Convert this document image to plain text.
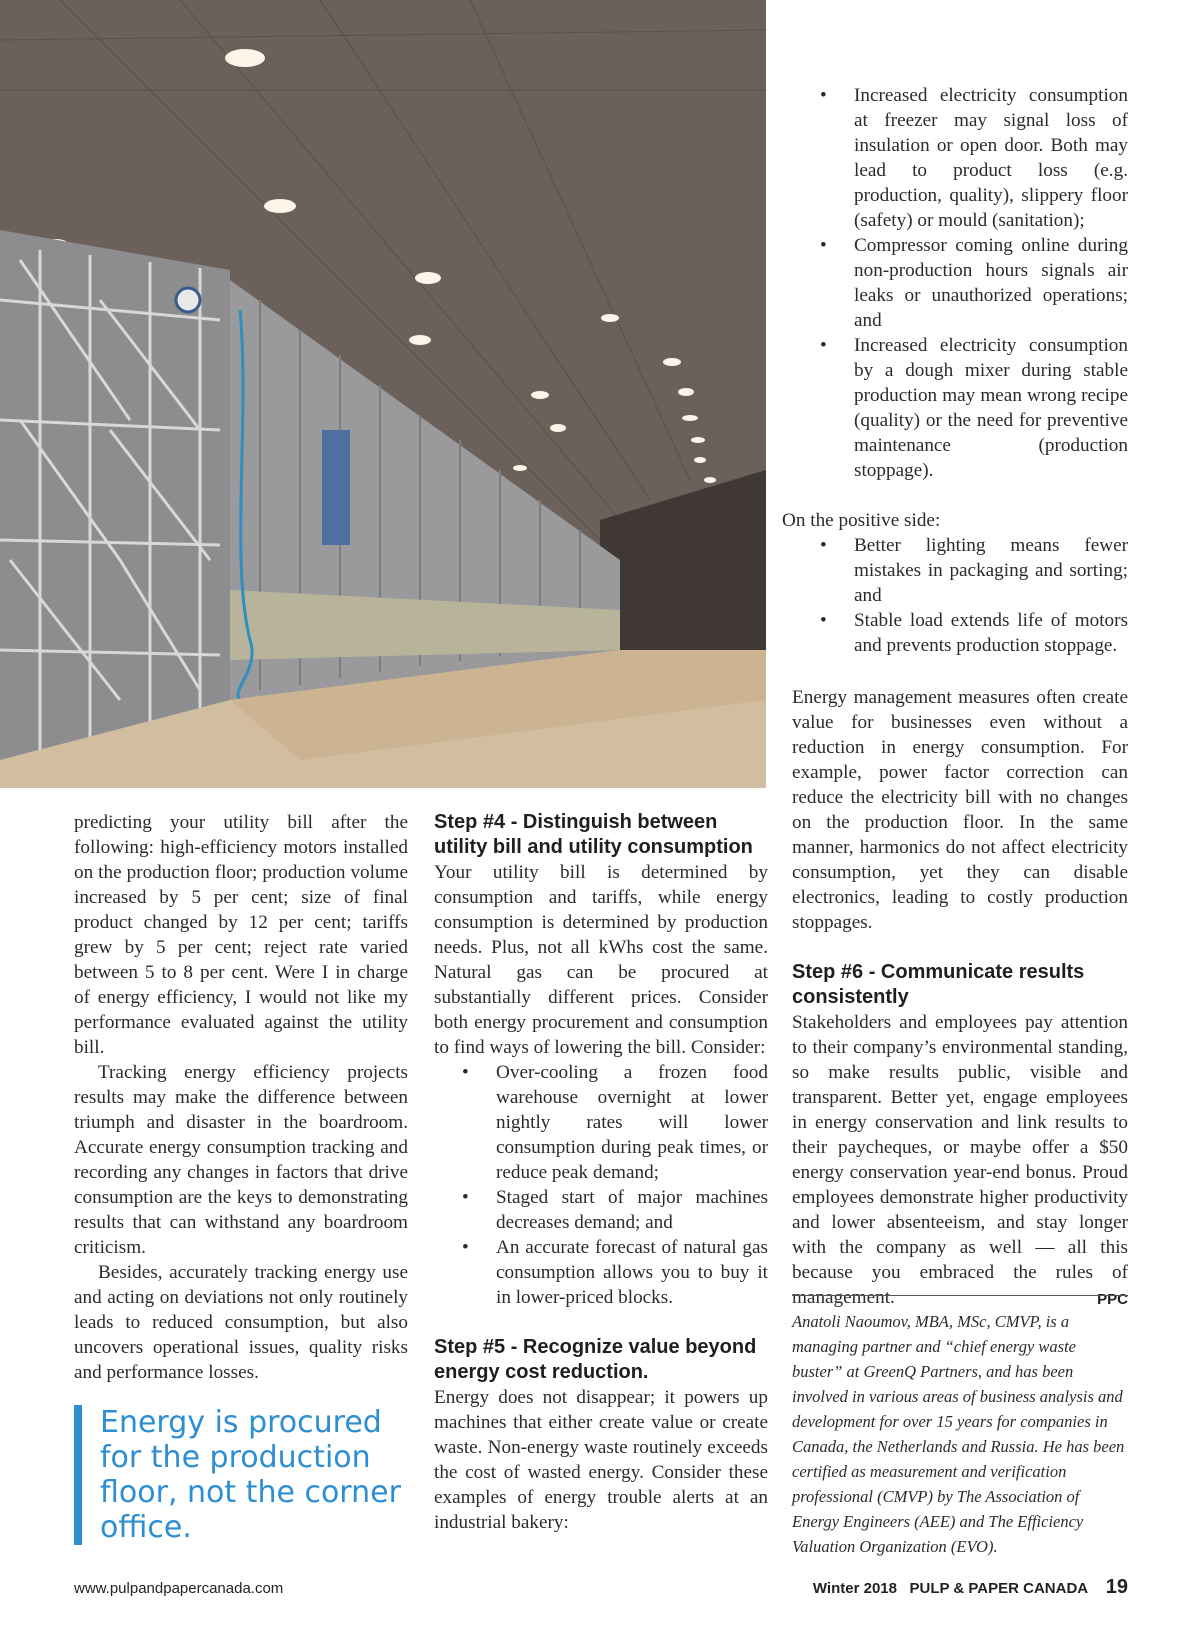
• Increased electricity consumption at freezer may signal loss of insulation or open door. Both may lead to product loss (e.g. production, quality), slippery floor (safety) or mould (sanitation);
• Compressor coming online during non-production hours signals air leaks or unauthorized operations; and
• Increased electricity consumption by a dough mixer during stable production may mean wrong recipe (quality) or the need for preventive maintenance (production stoppage).

On the positive side:

• Better lighting means fewer mistakes in packaging and sorting; and
• Stable load extends life of motors and prevents production stoppage.

predicting your utility bill after the following: high-efficiency motors installed on the production floor; production volume increased by 5 per cent; size of final product changed by 12 per cent; tariffs grew by 5 per cent; reject rate varied between 5 to 8 per cent. Were I in charge of energy efficiency, I would not like my performance evaluated against the utility bill.

Tracking energy efficiency projects results may make the difference between triumph and disaster in the boardroom. Accurate energy consumption tracking and recording any changes in factors that drive consumption are the keys to demonstrating results that can withstand any boardroom criticism.

Besides, accurately tracking energy use and acting on deviations not only routinely leads to reduced consumption, but also uncovers operational issues, quality risks and performance losses.

Energy is procured for the production floor, not the corner office.
Step #4 - Distinguish between utility bill and utility consumption

Your utility bill is determined by consumption and tariffs, while energy consumption is determined by production needs. Plus, not all kWhs cost the same. Natural gas can be procured at substantially different prices. Consider both energy procurement and consumption to find ways of lowering the bill. Consider:

• Over-cooling a frozen food warehouse overnight at lower nightly rates will lower consumption during peak times, or reduce peak demand;
• Staged start of major machines decreases demand; and
• An accurate forecast of natural gas consumption allows you to buy it in lower-priced blocks.
Step #5 - Recognize value beyond energy cost reduction.

Energy does not disappear; it powers up machines that either create value or create waste. Non-energy waste routinely exceeds the cost of wasted energy. Consider these examples of energy trouble alerts at an industrial bakery:

Energy management measures often create value for businesses even without a reduction in energy consumption. For example, power factor correction can reduce the electricity bill with no changes on the production floor. In the same manner, harmonics do not affect electricity consumption, yet they can disable electronics, leading to costly production stoppages.

Step #6 - Communicate results consistently

Stakeholders and employees pay attention to their company’s environmental standing, so make results public, visible and transparent. Better yet, engage employees in energy conservation and link results to their paycheques, or maybe offer a $50 energy conservation year-end bonus. Proud employees demonstrate higher productivity and lower absenteeism, and stay longer with the company as well — all this because you embraced the rules of management.	PPC

Anatoli Naoumov, MBA, MSc, CMVP, is a managing partner and “chief energy waste buster” at GreenQ Partners, and has been involved in various areas of business analysis and development for over 15 years for companies in Canada, the Netherlands and Russia. He has been certified as measurement and verification professional (CMVP) by The Association of Energy Engineers (AEE) and The Efficiency Valuation Organization (EVO).
www.pulpandpapercanada.com	Winter 2018 PULP & PAPER CANADA 19
